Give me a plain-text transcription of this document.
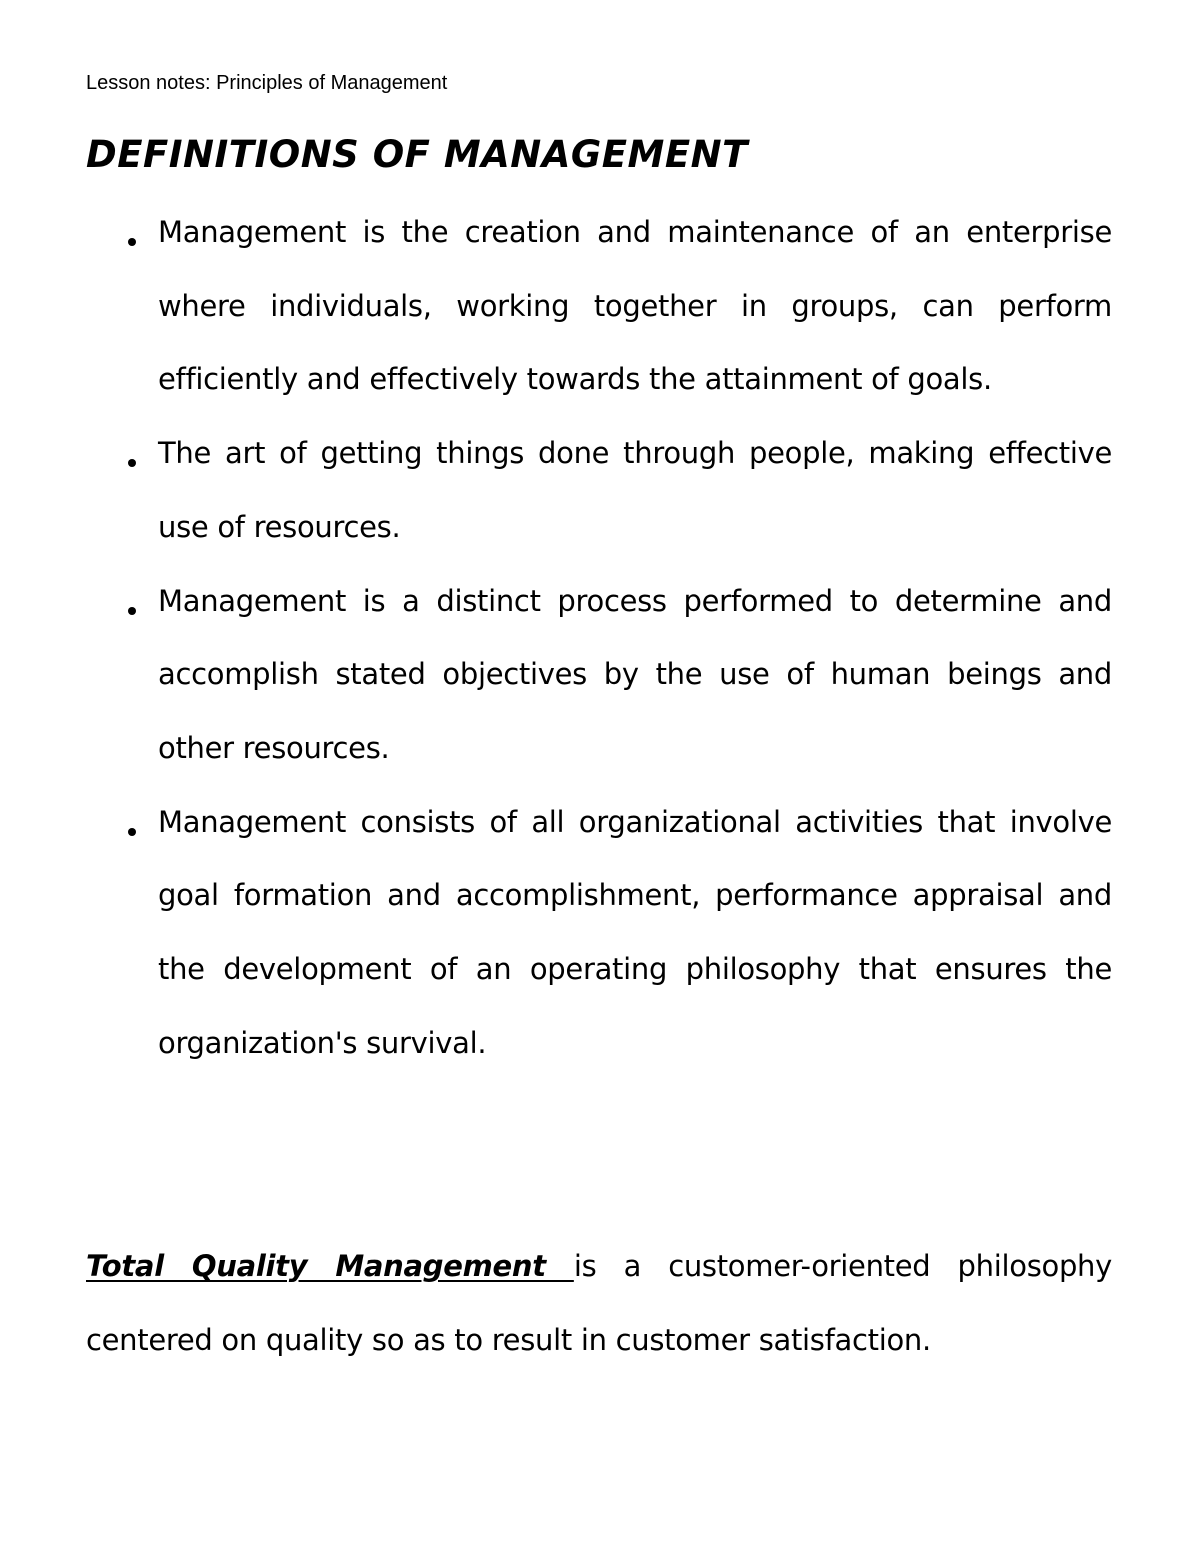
Lesson notes: Principles of Management
DEFINITIONS OF MANAGEMENT
Management is the creation and maintenance of an enterprise where individuals, working together in groups, can perform efficiently and effectively towards the attainment of goals.
The art of getting things done through people, making effective use of resources.
Management is a distinct process performed to determine and accomplish stated objectives by the use of human beings and other resources.
Management consists of all organizational activities that involve goal formation and accomplishment, performance appraisal and the development of an operating philosophy that ensures the organization's survival.

Total Quality Management is a customer-oriented philosophy centered on quality so as to result in customer satisfaction.
